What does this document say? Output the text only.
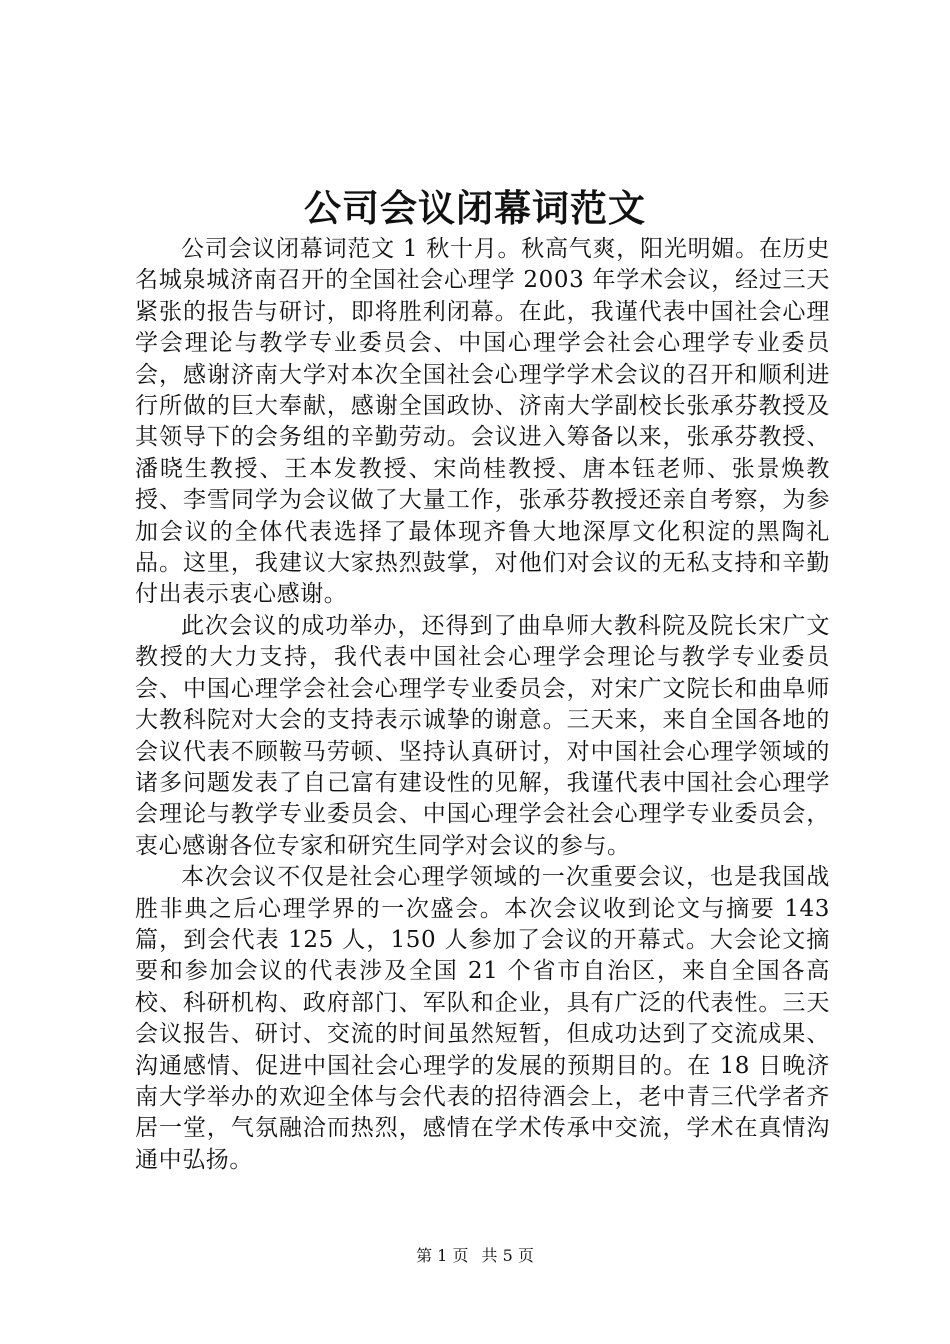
公司会议闭幕词范文

公司会议闭幕词范文 1 秋十月。秋高气爽，阳光明媚。在历史名城泉城济南召开的全国社会心理学 2003 年学术会议，经过三天紧张的报告与研讨，即将胜利闭幕。在此，我谨代表中国社会心理学会理论与教学专业委员会、中国心理学会社会心理学专业委员会，感谢济南大学对本次全国社会心理学学术会议的召开和顺利进行所做的巨大奉献，感谢全国政协、济南大学副校长张承芬教授及其领导下的会务组的辛勤劳动。会议进入筹备以来，张承芬教授、潘晓生教授、王本发教授、宋尚桂教授、唐本钰老师、张景焕教授、李雪同学为会议做了大量工作，张承芬教授还亲自考察，为参加会议的全体代表选择了最体现齐鲁大地深厚文化积淀的黑陶礼品。这里，我建议大家热烈鼓掌，对他们对会议的无私支持和辛勤付出表示衷心感谢。

此次会议的成功举办，还得到了曲阜师大教科院及院长宋广文教授的大力支持，我代表中国社会心理学会理论与教学专业委员会、中国心理学会社会心理学专业委员会，对宋广文院长和曲阜师大教科院对大会的支持表示诚挚的谢意。三天来，来自全国各地的会议代表不顾鞍马劳顿、坚持认真研讨，对中国社会心理学领域的诸多问题发表了自己富有建设性的见解，我谨代表中国社会心理学会理论与教学专业委员会、中国心理学会社会心理学专业委员会，衷心感谢各位专家和研究生同学对会议的参与。

本次会议不仅是社会心理学领域的一次重要会议，也是我国战胜非典之后心理学界的一次盛会。本次会议收到论文与摘要 143 篇，到会代表 125 人，150 人参加了会议的开幕式。大会论文摘要和参加会议的代表涉及全国 21 个省市自治区，来自全国各高校、科研机构、政府部门、军队和企业，具有广泛的代表性。三天会议报告、研讨、交流的时间虽然短暂，但成功达到了交流成果、沟通感情、促进中国社会心理学的发展的预期目的。在 18 日晚济南大学举办的欢迎全体与会代表的招待酒会上，老中青三代学者齐居一堂，气氛融洽而热烈，感情在学术传承中交流，学术在真情沟通中弘扬。

第 1 页 共 5 页
